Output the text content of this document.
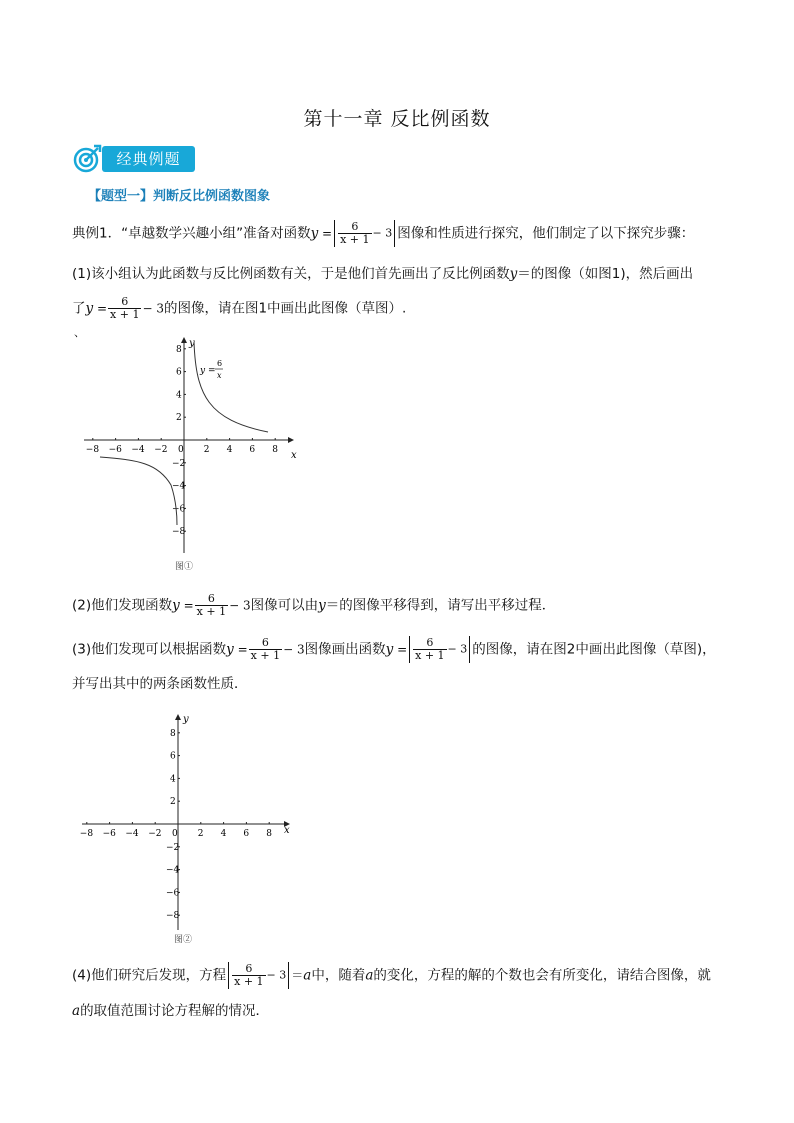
第十一章 反比例函数
经典例题
【题型一】判断反比例函数图象
典例1．“卓越数学兴趣小组”准备对函数$y = \frac{6}{x + 1} - 3$ 图像和性质进行探究，他们制定了以下探究步骤：
(1)该小组认为此函数与反比例函数有关，于是他们首先画出了反比例函数y＝的图像（如图1)，然后画出
了$y = \frac{6}{x + 1} - 3$的图像，请在图1中画出此图像（草图）.
、
−8 −6 −4 −2	2 4 6 8
2
4
6
8
−2
−4
−6
−8
x
y
0
y =
6
x
图①
(2)他们发现函数$y = \frac{6}{x + 1} - 3$图像可以由y＝的图像平移得到，请写出平移过程．
(3)他们发现可以根据函数$y = \frac{6}{x + 1} - 3$图像画出函数$y = \frac{6}{x + 1} - 3$ 的图像，请在图2中画出此图像（草图)，
并写出其中的两条函数性质．
−8 −6 −4 −2	2 4 6 8
2
4
6
8
−2
−4
−6
−8
x
y
0
图②
(4)他们研究后发现，方程 $\frac{6}{x + 1} - 3 =a$中，随着a的变化，方程的解的个数也会有所变化，请结合图像，就
a的取值范围讨论方程解的情况．
